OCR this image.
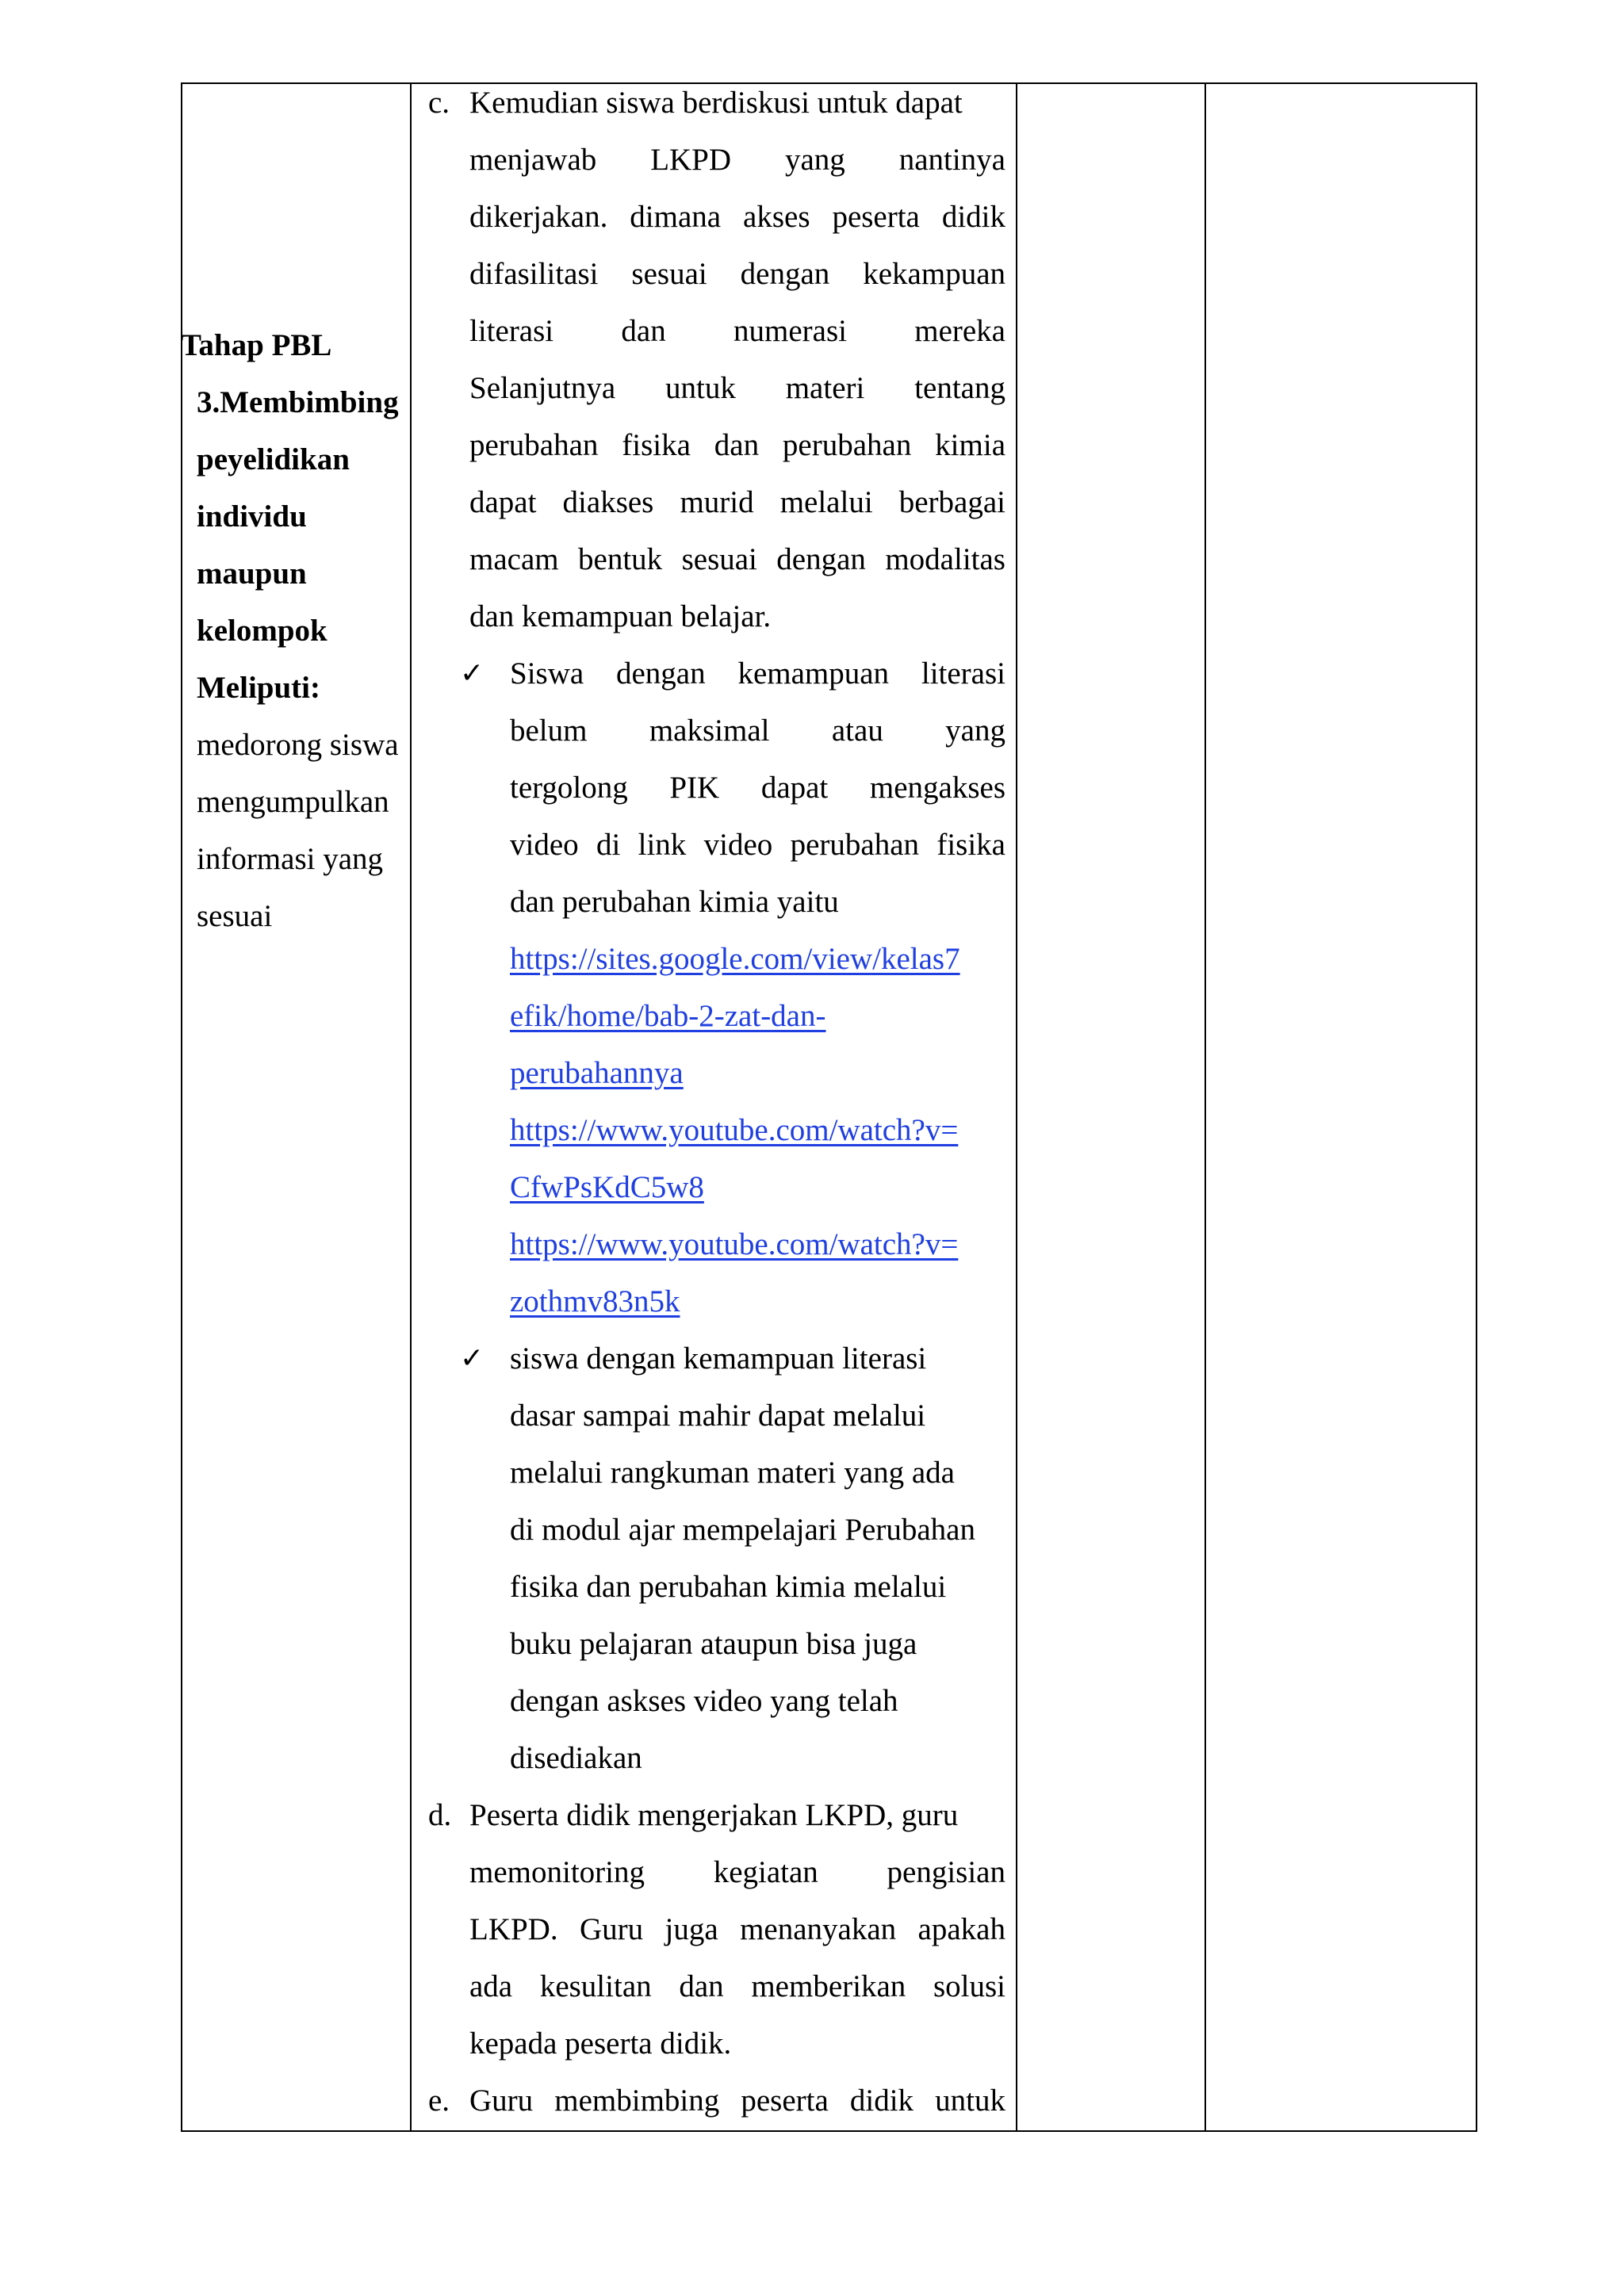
Tahap PBL
3.Membimbing
peyelidikan
individu
maupun
kelompok
Meliputi:
medorong siswa
mengumpulkan
informasi yang
sesuai
c. Kemudian siswa berdiskusi untuk dapat
menjawab LKPD yang nantinya
dikerjakan. dimana akses peserta didik
difasilitasi sesuai dengan kekampuan
literasi dan numerasi mereka
Selanjutnya untuk materi tentang
perubahan fisika dan perubahan kimia
dapat diakses murid melalui berbagai
macam bentuk sesuai dengan modalitas
dan kemampuan belajar.
✓ Siswa dengan kemampuan literasi
belum maksimal atau yang
tergolong PIK dapat mengakses
video di link video perubahan fisika
dan perubahan kimia yaitu
https://sites.google.com/view/kelas7
efik/home/bab-2-zat-dan-
perubahannya
https://www.youtube.com/watch?v=
CfwPsKdC5w8
https://www.youtube.com/watch?v=
zothmv83n5k
✓ siswa dengan kemampuan literasi
dasar sampai mahir dapat melalui
melalui rangkuman materi yang ada
di modul ajar mempelajari Perubahan
fisika dan perubahan kimia melalui
buku pelajaran ataupun bisa juga
dengan askses video yang telah
disediakan
d. Peserta didik mengerjakan LKPD, guru
memonitoring kegiatan pengisian
LKPD. Guru juga menanyakan apakah
ada kesulitan dan memberikan solusi
kepada peserta didik.
e. Guru membimbing peserta didik untuk
